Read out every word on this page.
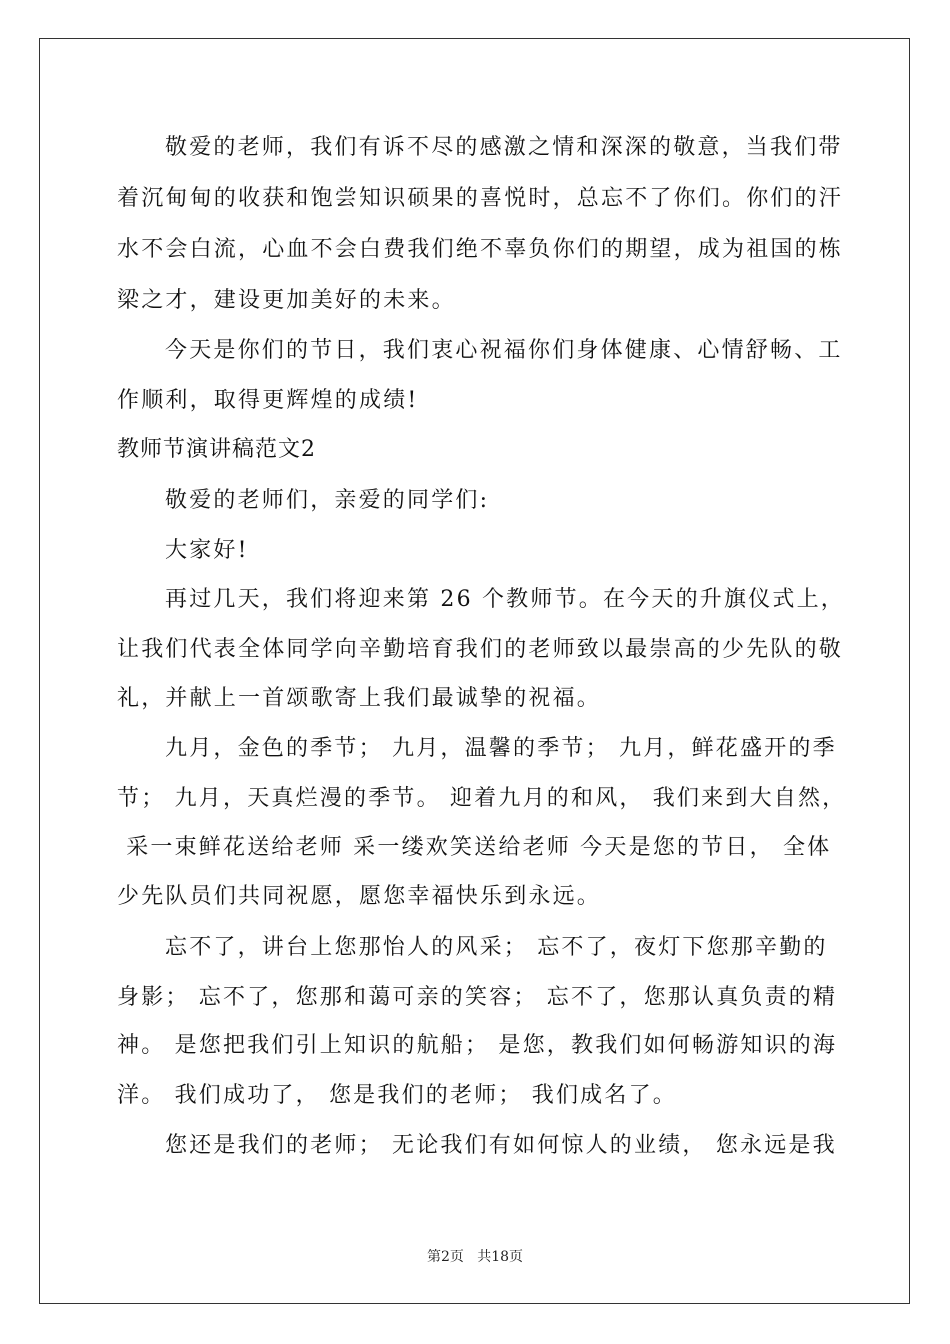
敬爱的老师，我们有诉不尽的感激之情和深深的敬意，当我们带
着沉甸甸的收获和饱尝知识硕果的喜悦时，总忘不了你们。你们的汗
水不会白流，心血不会白费我们绝不辜负你们的期望，成为祖国的栋
梁之才，建设更加美好的未来。
今天是你们的节日，我们衷心祝福你们身体健康、心情舒畅、工
作顺利，取得更辉煌的成绩!
教师节演讲稿范文2
敬爱的老师们，亲爱的同学们:
大家好!
再过几天，我们将迎来第 26 个教师节。在今天的升旗仪式上，
让我们代表全体同学向辛勤培育我们的老师致以最崇高的少先队的敬
礼，并献上一首颂歌寄上我们最诚挚的祝福。
九月，金色的季节； 九月，温馨的季节； 九月，鲜花盛开的季
节； 九月，天真烂漫的季节。 迎着九月的和风， 我们来到大自然，
采一束鲜花送给老师 采一缕欢笑送给老师 今天是您的节日， 全体
少先队员们共同祝愿，愿您幸福快乐到永远。
忘不了，讲台上您那怡人的风采； 忘不了，夜灯下您那辛勤的
身影； 忘不了，您那和蔼可亲的笑容； 忘不了，您那认真负责的精
神。 是您把我们引上知识的航船； 是您，教我们如何畅游知识的海
洋。 我们成功了， 您是我们的老师； 我们成名了。
您还是我们的老师； 无论我们有如何惊人的业绩， 您永远是我
第2页   共18页
